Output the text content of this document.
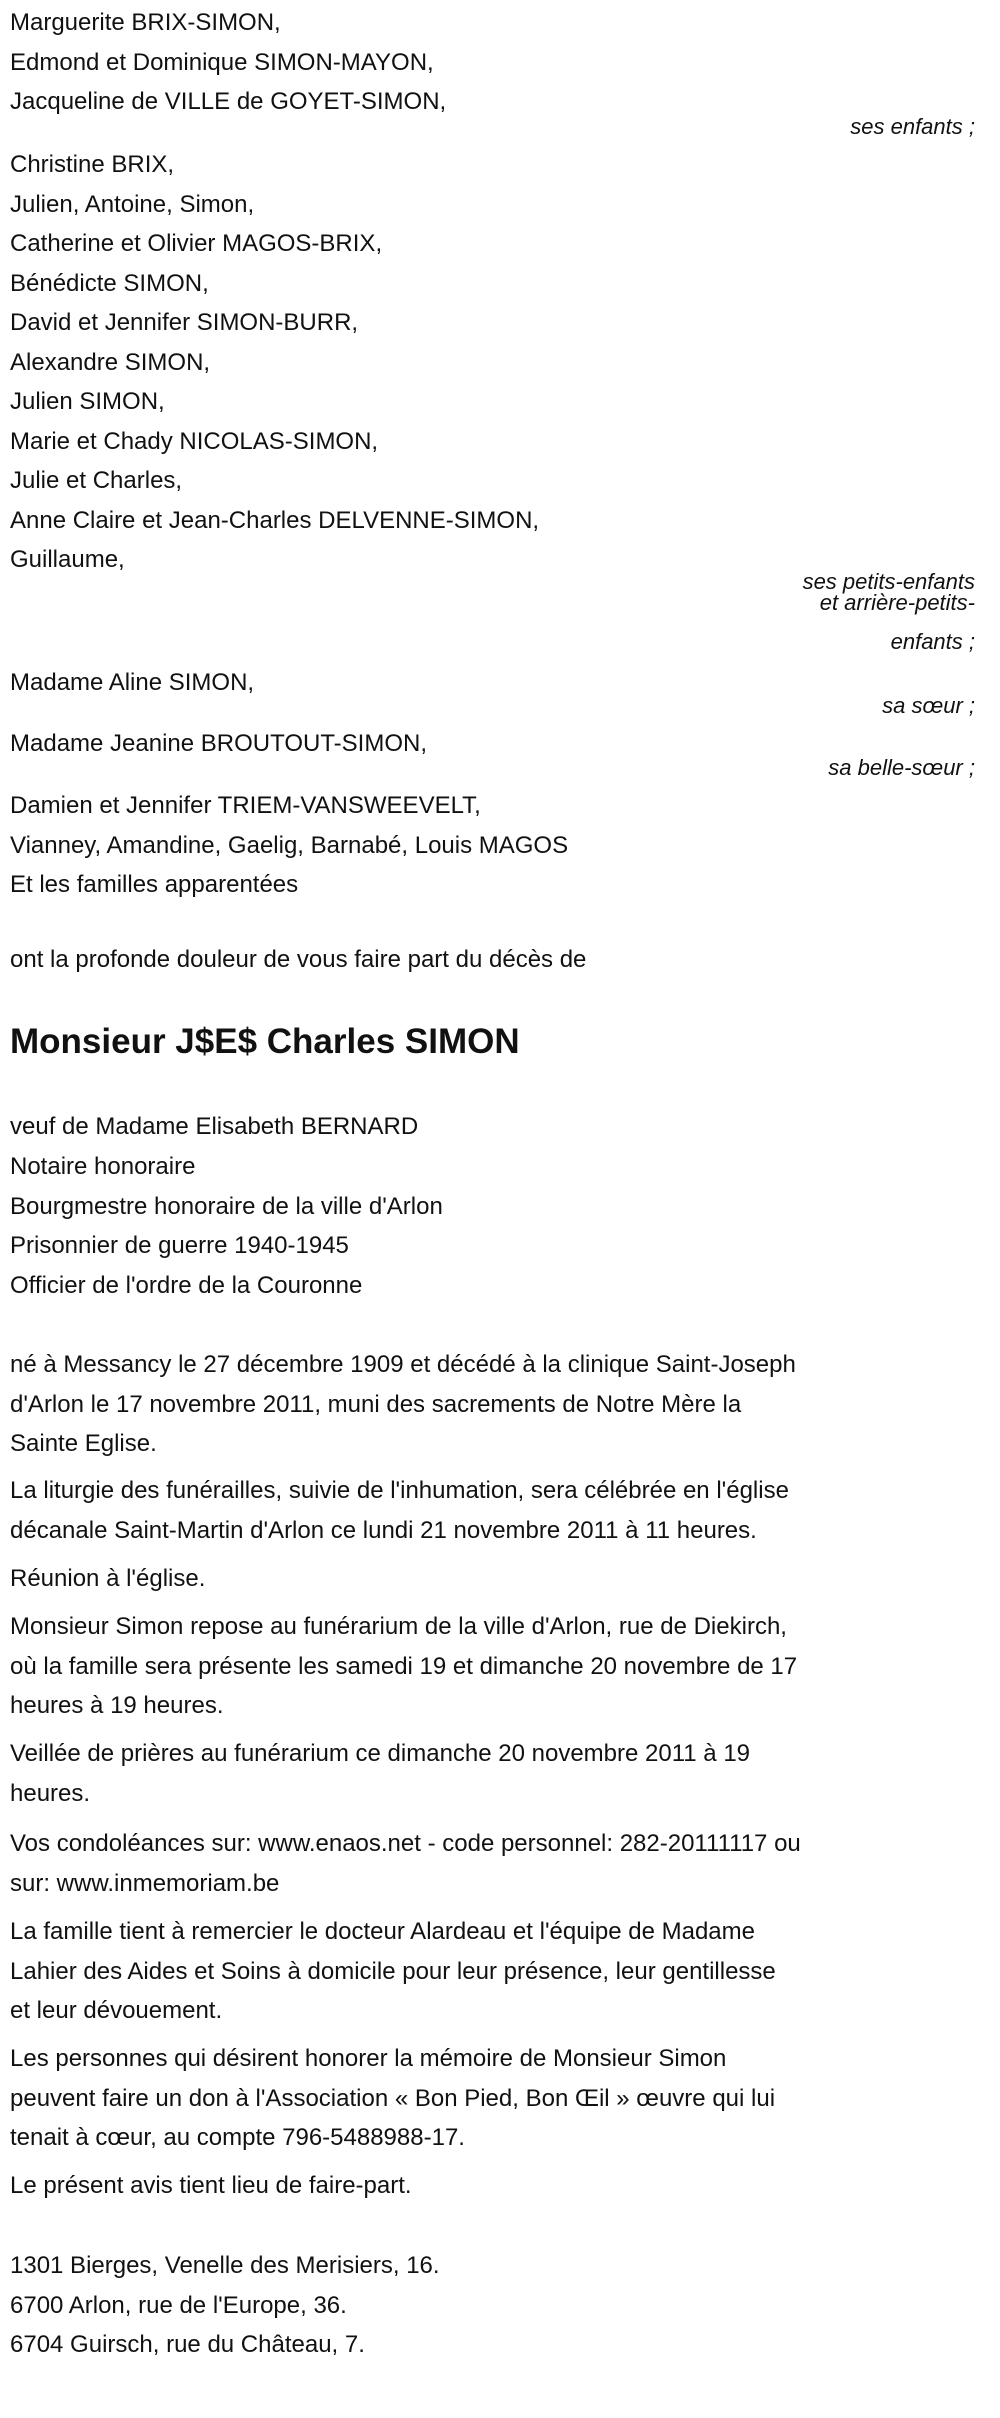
Marguerite BRIX-SIMON,
Edmond et Dominique SIMON-MAYON,
Jacqueline de VILLE de GOYET-SIMON,
ses enfants ;
Christine BRIX,
Julien, Antoine, Simon,
Catherine et Olivier MAGOS-BRIX,
Bénédicte SIMON,
David et Jennifer SIMON-BURR,
Alexandre SIMON,
Julien SIMON,
Marie et Chady NICOLAS-SIMON,
Julie et Charles,
Anne Claire et Jean-Charles DELVENNE-SIMON,
Guillaume,
ses petits-enfants
et arrière-petits-
enfants ;
Madame Aline SIMON,
sa sœur ;
Madame Jeanine BROUTOUT-SIMON,
sa belle-sœur ;
Damien et Jennifer TRIEM-VANSWEEVELT,
Vianney, Amandine, Gaelig, Barnabé, Louis MAGOS
Et les familles apparentées
ont la profonde douleur de vous faire part du décès de
Monsieur J$E$ Charles SIMON
veuf de Madame Elisabeth BERNARD
Notaire honoraire
Bourgmestre honoraire de la ville d'Arlon
Prisonnier de guerre 1940-1945
Officier de l'ordre de la Couronne
né à Messancy le 27 décembre 1909 et décédé à la clinique Saint-Joseph
d'Arlon le 17 novembre 2011, muni des sacrements de Notre Mère la
Sainte Eglise.
La liturgie des funérailles, suivie de l'inhumation, sera célébrée en l'église
décanale Saint-Martin d'Arlon ce lundi 21 novembre 2011 à 11 heures.
Réunion à l'église.
Monsieur Simon repose au funérarium de la ville d'Arlon, rue de Diekirch,
où la famille sera présente les samedi 19 et dimanche 20 novembre de 17
heures à 19 heures.
Veillée de prières au funérarium ce dimanche 20 novembre 2011 à 19
heures.
Vos condoléances sur: www.enaos.net - code personnel: 282-20111117 ou
sur: www.inmemoriam.be
La famille tient à remercier le docteur Alardeau et l'équipe de Madame
Lahier des Aides et Soins à domicile pour leur présence, leur gentillesse
et leur dévouement.
Les personnes qui désirent honorer la mémoire de Monsieur Simon
peuvent faire un don à l'Association « Bon Pied, Bon Œil » œuvre qui lui
tenait à cœur, au compte 796-5488988-17.
Le présent avis tient lieu de faire-part.
1301 Bierges, Venelle des Merisiers, 16.
6700 Arlon, rue de l'Europe, 36.
6704 Guirsch, rue du Château, 7.
